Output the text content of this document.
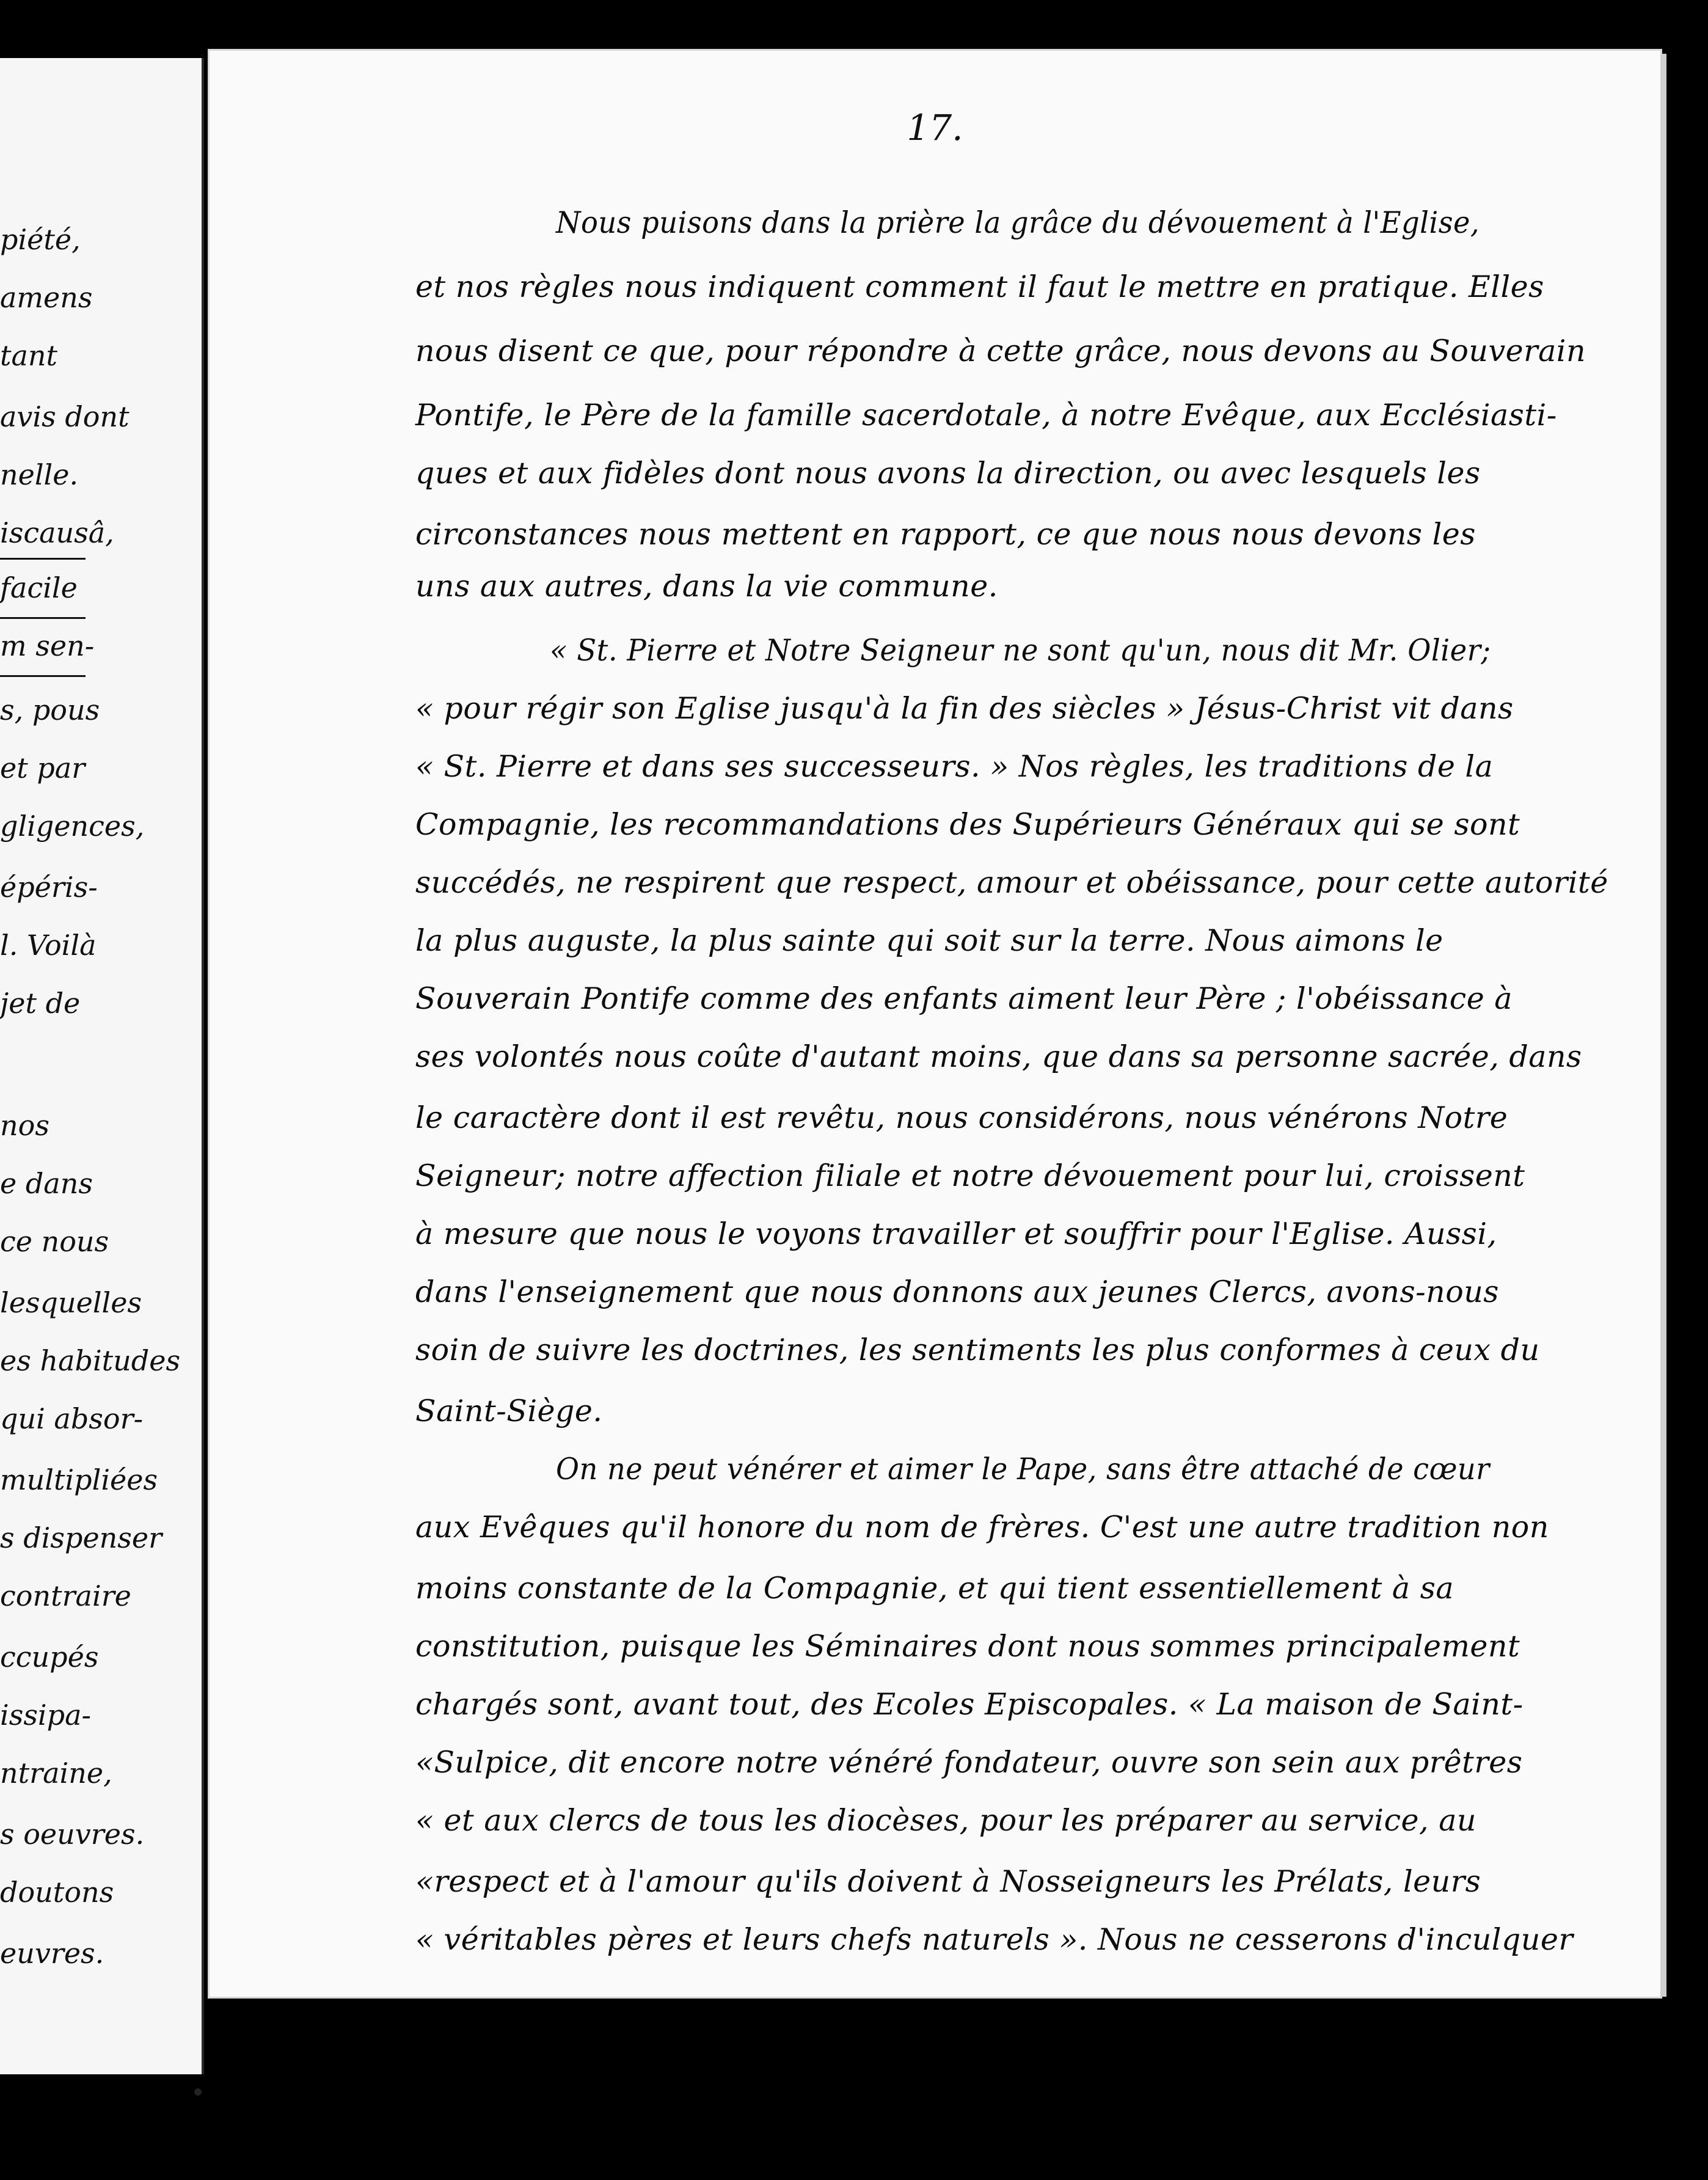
piété,
amens
tant
avis dont
nelle.
iscausâ,
facile
m sen-
s, pous
et par
gligences,
épéris-
l. Voilà
jet de
nos
e dans
ce nous
lesquelles
es habitudes
qui absor-
multipliées
s dispenser
contraire
ccupés
issipa-
ntraine,
s oeuvres.
doutons
euvres.
17.
Nous puisons dans la prière la grâce du dévouement à l'Eglise,
et nos règles nous indiquent comment il faut le mettre en pratique. Elles
nous disent ce que, pour répondre à cette grâce, nous devons au Souverain
Pontife, le Père de la famille sacerdotale, à notre Evêque, aux Ecclésiasti-
ques et aux fidèles dont nous avons la direction, ou avec lesquels les
circonstances nous mettent en rapport, ce que nous nous devons les
uns aux autres, dans la vie commune.
« St. Pierre et Notre Seigneur ne sont qu'un, nous dit Mr. Olier;
« pour régir son Eglise jusqu'à la fin des siècles » Jésus-Christ vit dans
« St. Pierre et dans ses successeurs. » Nos règles, les traditions de la
Compagnie, les recommandations des Supérieurs Généraux qui se sont
succédés, ne respirent que respect, amour et obéissance, pour cette autorité
la plus auguste, la plus sainte qui soit sur la terre. Nous aimons le
Souverain Pontife comme des enfants aiment leur Père ; l'obéissance à
ses volontés nous coûte d'autant moins, que dans sa personne sacrée, dans
le caractère dont il est revêtu, nous considérons, nous vénérons Notre
Seigneur; notre affection filiale et notre dévouement pour lui, croissent
à mesure que nous le voyons travailler et souffrir pour l'Eglise. Aussi,
dans l'enseignement que nous donnons aux jeunes Clercs, avons-nous
soin de suivre les doctrines, les sentiments les plus conformes à ceux du
Saint-Siège.
On ne peut vénérer et aimer le Pape, sans être attaché de cœur
aux Evêques qu'il honore du nom de frères. C'est une autre tradition non
moins constante de la Compagnie, et qui tient essentiellement à sa
constitution, puisque les Séminaires dont nous sommes principalement
chargés sont, avant tout, des Ecoles Episcopales. « La maison de Saint-
«Sulpice, dit encore notre vénéré fondateur, ouvre son sein aux prêtres
« et aux clercs de tous les diocèses, pour les préparer au service, au
«respect et à l'amour qu'ils doivent à Nosseigneurs les Prélats, leurs
« véritables pères et leurs chefs naturels ». Nous ne cesserons d'inculquer
